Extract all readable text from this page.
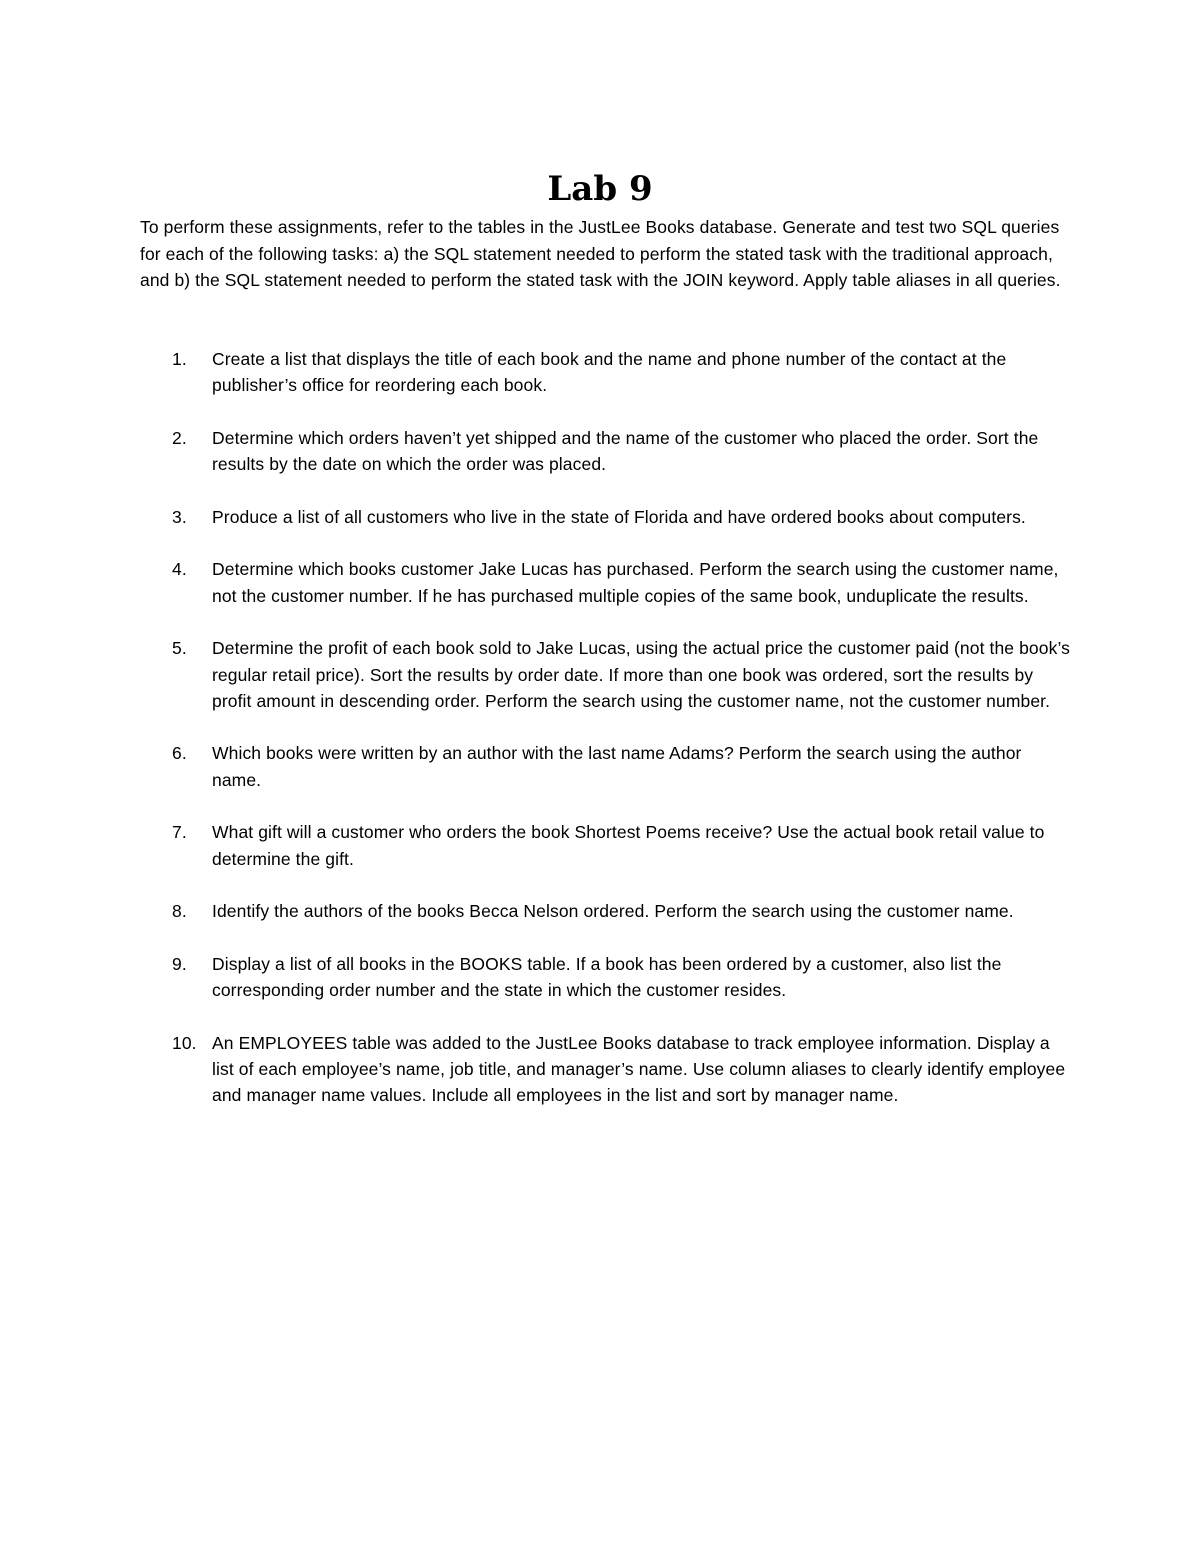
Lab 9

To perform these assignments, refer to the tables in the JustLee Books database. Generate and test two SQL queries for each of the following tasks: a) the SQL statement needed to perform the stated task with the traditional approach, and b) the SQL statement needed to perform the stated task with the JOIN keyword. Apply table aliases in all queries.

1.	Create a list that displays the title of each book and the name and phone number of the contact at the publisher’s office for reordering each book.
2.	Determine which orders haven’t yet shipped and the name of the customer who placed the order. Sort the results by the date on which the order was placed.
3.	Produce a list of all customers who live in the state of Florida and have ordered books about computers.
4.	Determine which books customer Jake Lucas has purchased. Perform the search using the customer name, not the customer number. If he has purchased multiple copies of the same book, unduplicate the results.
5.	Determine the profit of each book sold to Jake Lucas, using the actual price the customer paid (not the book’s regular retail price). Sort the results by order date. If more than one book was ordered, sort the results by profit amount in descending order. Perform the search using the customer name, not the customer number.
6.	Which books were written by an author with the last name Adams? Perform the search using the author name.
7.	What gift will a customer who orders the book Shortest Poems receive? Use the actual book retail value to determine the gift.
8.	Identify the authors of the books Becca Nelson ordered. Perform the search using the customer name.
9.	Display a list of all books in the BOOKS table. If a book has been ordered by a customer, also list the corresponding order number and the state in which the customer resides.
10. An EMPLOYEES table was added to the JustLee Books database to track employee information. Display a list of each employee’s name, job title, and manager’s name. Use column aliases to clearly identify employee and manager name values. Include all employees in the list and sort by manager name.
